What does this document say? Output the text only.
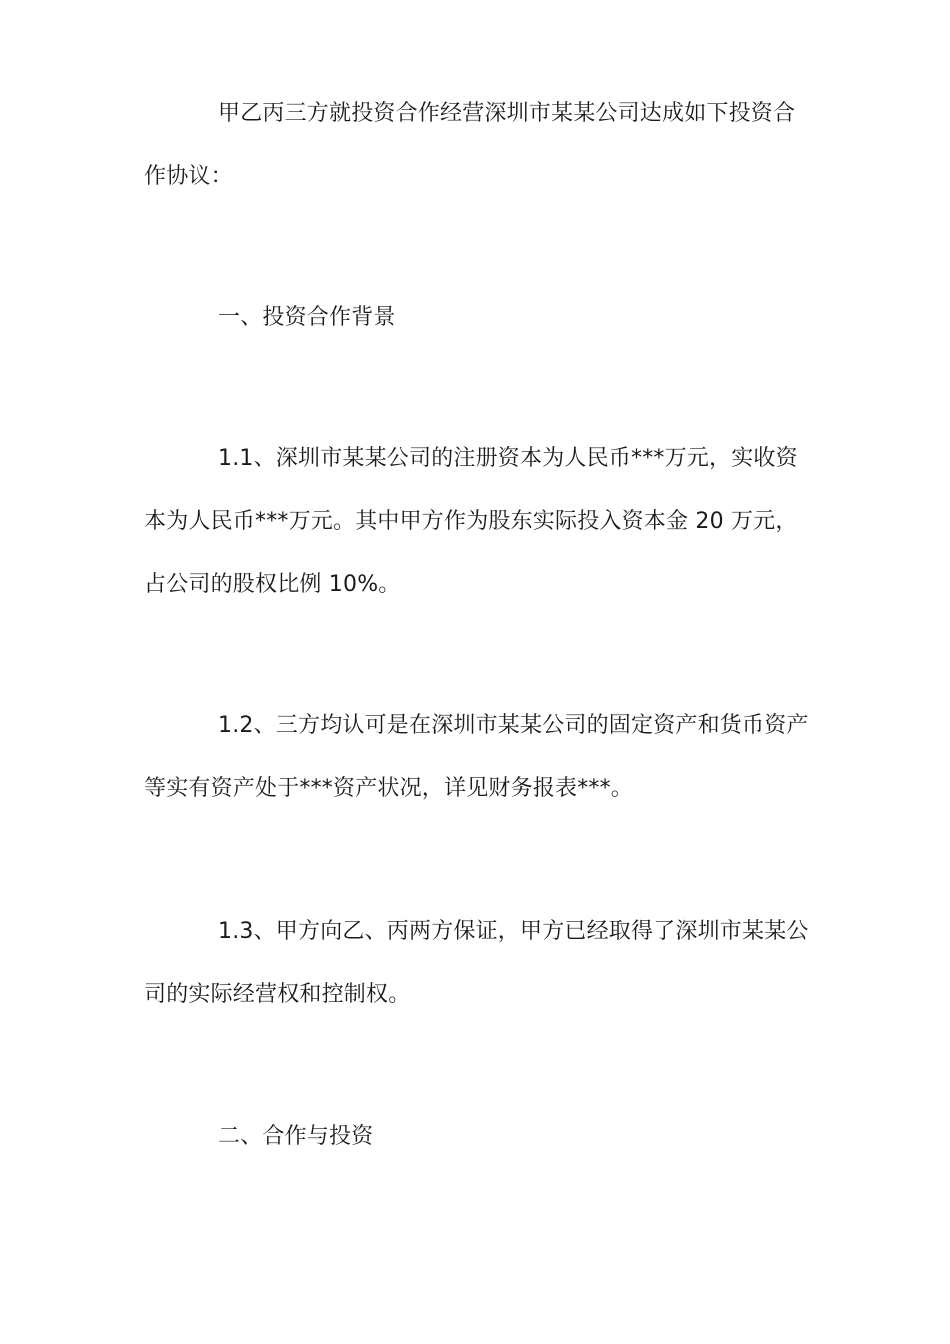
甲乙丙三方就投资合作经营深圳市某某公司达成如下投资合
作协议：
一、投资合作背景
1.1、深圳市某某公司的注册资本为人民币***万元，实收资
本为人民币***万元。其中甲方作为股东实际投入资本金 20 万元，
占公司的股权比例 10%。
1.2、三方均认可是在深圳市某某公司的固定资产和货币资产
等实有资产处于***资产状况，详见财务报表***。
1.3、甲方向乙、丙两方保证，甲方已经取得了深圳市某某公
司的实际经营权和控制权。
二、合作与投资
